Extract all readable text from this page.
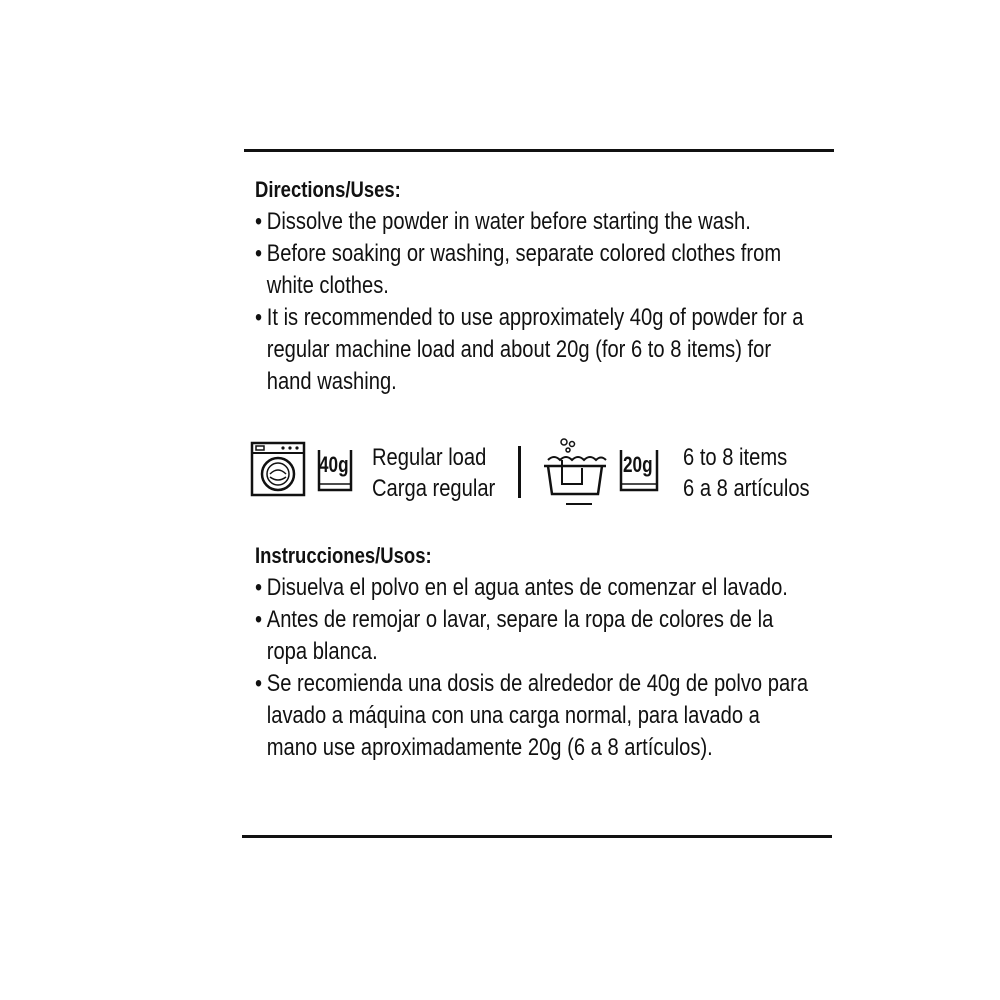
Directions/Uses:
• Dissolve the powder in water before starting the wash.
• Before soaking or washing, separate colored clothes from white clothes.
• It is recommended to use approximately 40g of powder for a regular machine load and about 20g (for 6 to 8 items) for hand washing.
40g Regular load
Carga regular
20g 6 to 8 items
6 a 8 artículos
Instrucciones/Usos:
• Disuelva el polvo en el agua antes de comenzar el lavado.
• Antes de remojar o lavar, separe la ropa de colores de la ropa blanca.
• Se recomienda una dosis de alrededor de 40g de polvo para lavado a máquina con una carga normal, para lavado a mano use aproximadamente 20g (6 a 8 artículos).
